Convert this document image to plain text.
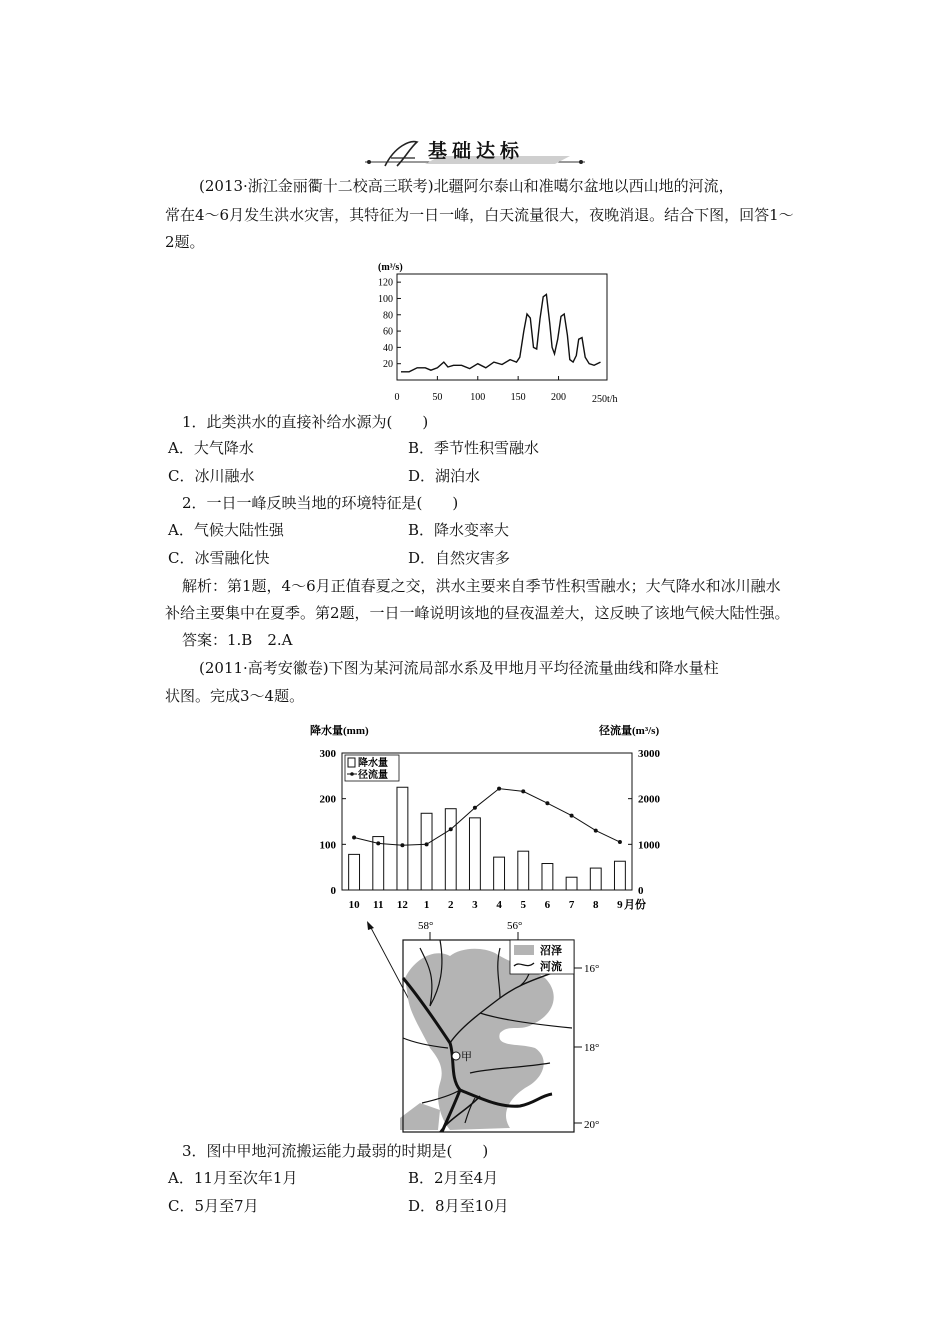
基础达标
(2013·浙江金丽衢十二校高三联考)北疆阿尔泰山和准噶尔盆地以西山地的河流，
常在4～6月发生洪水灾害，其特征为一日一峰，白天流量很大，夜晚消退。结合下图，回答1～
2题。
(m³/s)
20
40
60
80
100
120
0	50	100	150	200	250t/h
1．此类洪水的直接补给水源为(　　)
A．大气降水	B．季节性积雪融水
C．冰川融水	D．湖泊水
2．一日一峰反映当地的环境特征是(　　)
A．气候大陆性强	B．降水变率大
C．冰雪融化快	D．自然灾害多
解析：第1题，4～6月正值春夏之交，洪水主要来自季节性积雪融水；大气降水和冰川融水
补给主要集中在夏季。第2题，一日一峰说明该地的昼夜温差大，这反映了该地气候大陆性强。
答案：1.B　2.A
(2011·高考安徽卷)下图为某河流局部水系及甲地月平均径流量曲线和降水量柱
状图。完成3～4题。
降水量(mm)	径流量(m³/s)
0
100
200
300
0
1000
2000
3000
10 11 12 1 2 3 4 5 6 7 8 9 月份
降水量
径流量
58°	56°
16°
18°
20°
甲
沼泽
河流
3．图中甲地河流搬运能力最弱的时期是(　　)
A．11月至次年1月	B．2月至4月
C．5月至7月	D．8月至10月
